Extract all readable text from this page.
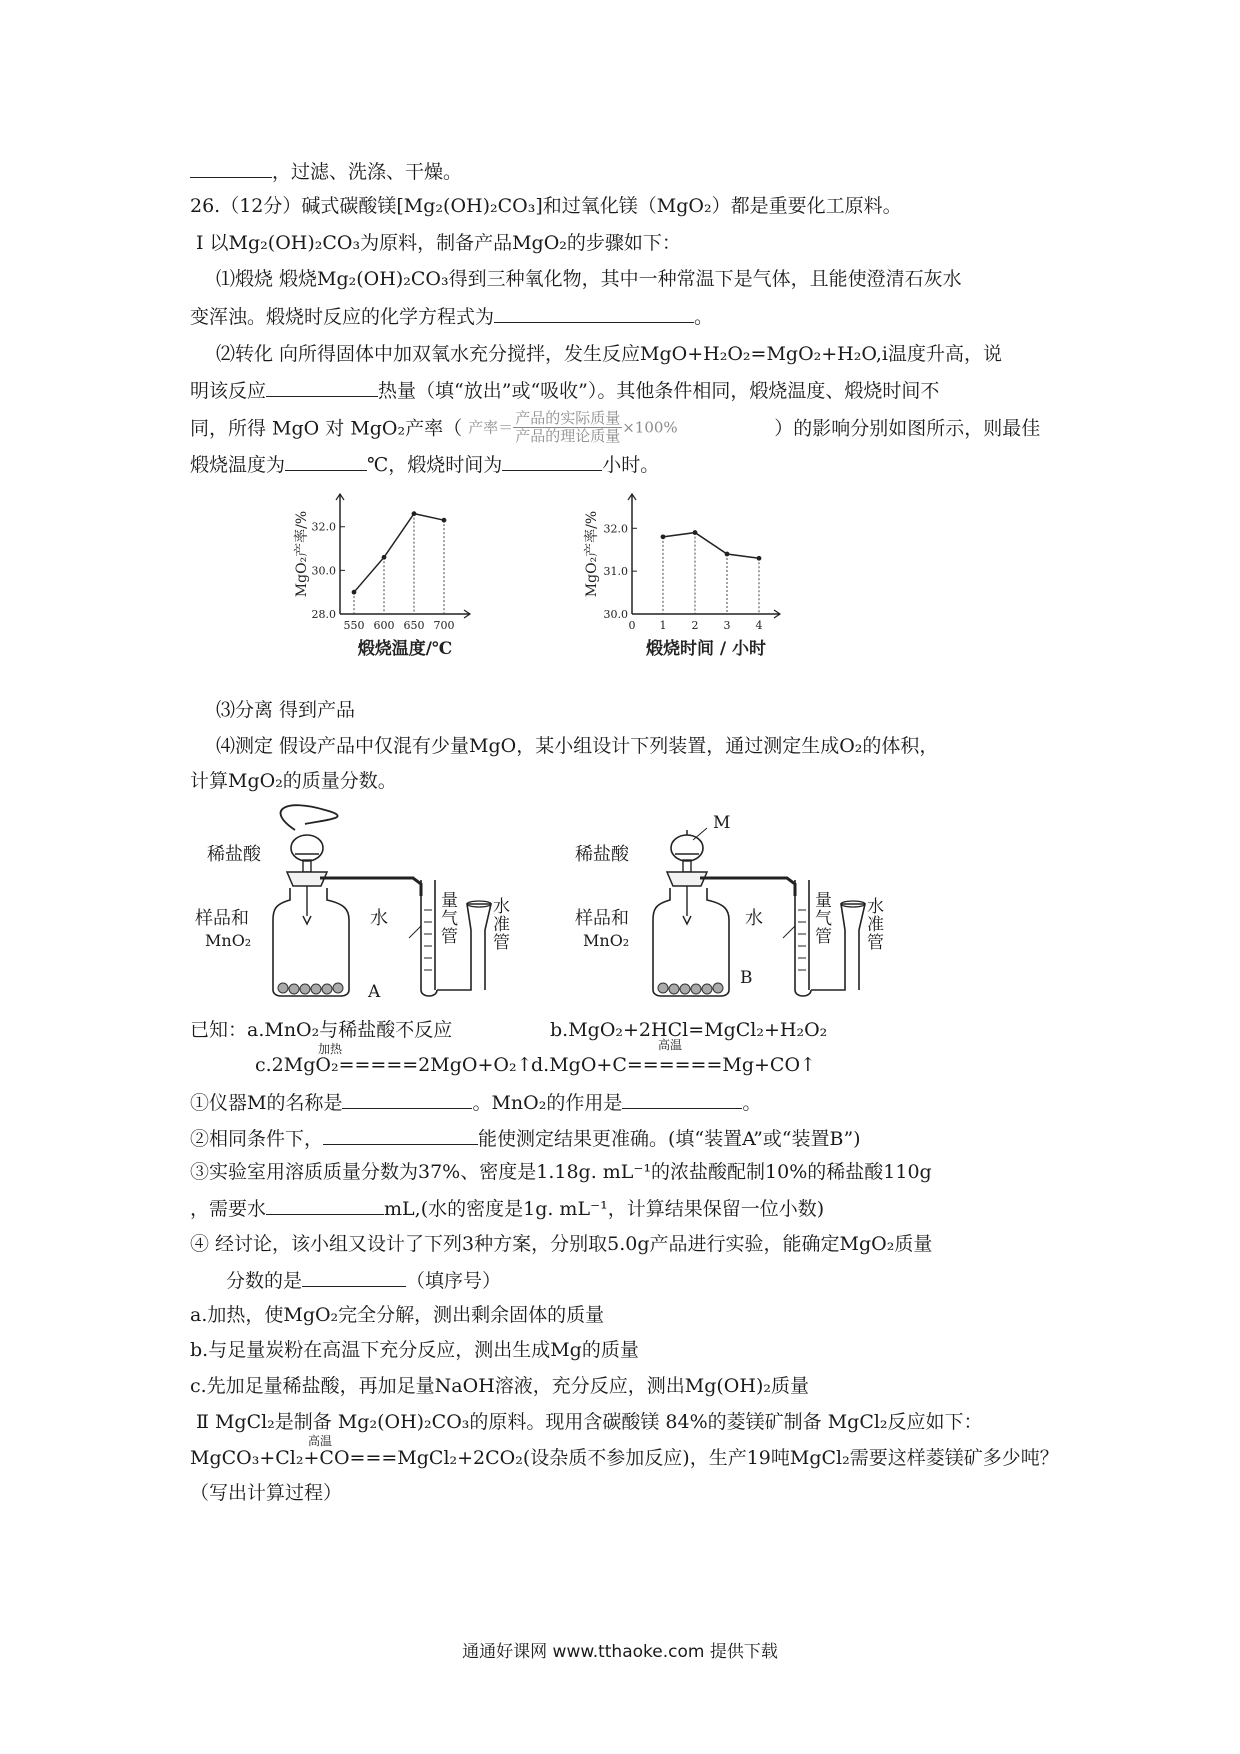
，过滤、洗涤、干燥。
26.（12分）碱式碳酸镁[Mg₂(OH)₂CO₃]和过氧化镁（MgO₂）都是重要化工原料。
Ⅰ 以Mg₂(OH)₂CO₃为原料，制备产品MgO₂的步骤如下：
⑴煅烧 煅烧Mg₂(OH)₂CO₃得到三种氧化物，其中一种常温下是气体，且能使澄清石灰水
变浑浊。煅烧时反应的化学方程式为	。
⑵转化 向所得固体中加双氧水充分搅拌，发生反应MgO+H₂O₂=MgO₂+H₂O,i温度升高，说
明该反应	热量（填“放出”或“吸收”）。其他条件相同，煅烧温度、煅烧时间不
同，所得 MgO 对 MgO₂产率（ 产率＝
产品的实际质量
产品的理论质量 ×100%	）的影响分别如图所示，则最佳
煅烧温度为	℃，煅烧时间为	小时。
28.0
30.0
32.0
550 600 650 700
煅烧温度/℃
MgO₂产率/%
30.0
31.0
32.0
0 1 2 3 4
煅烧时间 / 小时
MgO₂产率/%
⑶分离 得到产品
⑷测定 假设产品中仅混有少量MgO，某小组设计下列装置，通过测定生成O₂的体积，
计算MgO₂的质量分数。
稀盐酸
样品和
MnO₂
水
量
气
管
水
准
管
A
M
稀盐酸
样品和
MnO₂
水
量
气
管
水
准
管
B
已知：a.MnO₂与稀盐酸不反应	b.MgO₂+2HCl=MgCl₂+H₂O₂
加热	高温
c.2MgO₂=====2MgO+O₂↑
d.MgO+C======Mg+CO↑
①仪器M的名称是	。MnO₂的作用是	。
②相同条件下，	能使测定结果更准确。(填“装置A”或“装置B”)
③实验室用溶质质量分数为37%、密度是1.18g. mL⁻¹的浓盐酸配制10%的稀盐酸110g
，需要水	mL,(水的密度是1g. mL⁻¹，计算结果保留一位小数)
④ 经讨论，该小组又设计了下列3种方案，分别取5.0g产品进行实验，能确定MgO₂质量
分数的是	（填序号）
a.加热，使MgO₂完全分解，测出剩余固体的质量
b.与足量炭粉在高温下充分反应，测出生成Mg的质量
c.先加足量稀盐酸，再加足量NaOH溶液，充分反应，测出Mg(OH)₂质量
Ⅱ MgCl₂是制备 Mg₂(OH)₂CO₃的原料。现用含碳酸镁 84%的菱镁矿制备 MgCl₂反应如下：
高温
MgCO₃+Cl₂+CO===MgCl₂+2CO₂(设杂质不参加反应)，生产19吨MgCl₂需要这样菱镁矿多少吨？
（写出计算过程）
通通好课网 www.tthaoke.com 提供下载
